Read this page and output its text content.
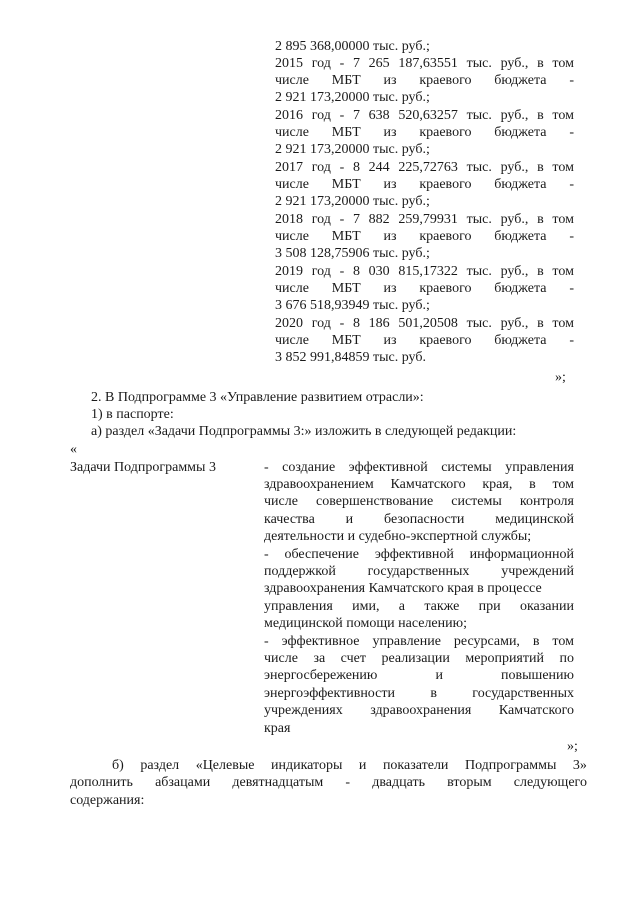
2 895 368,00000 тыс. руб.;
2015 год - 7 265 187,63551 тыс. руб., в том
числе МБТ из краевого бюджета -
2 921 173,20000 тыс. руб.;
2016 год - 7 638 520,63257 тыс. руб., в том
числе МБТ из краевого бюджета -
2 921 173,20000 тыс. руб.;
2017 год - 8 244 225,72763 тыс. руб., в том
числе МБТ из краевого бюджета -
2 921 173,20000 тыс. руб.;
2018 год - 7 882 259,79931 тыс. руб., в том
числе МБТ из краевого бюджета -
3 508 128,75906 тыс. руб.;
2019 год - 8 030 815,17322 тыс. руб., в том
числе МБТ из краевого бюджета -
3 676 518,93949 тыс. руб.;
2020 год - 8 186 501,20508 тыс. руб., в том
числе МБТ из краевого бюджета -
3 852 991,84859 тыс. руб.
»;
2. В Подпрограмме 3 «Управление развитием отрасли»:
1) в паспорте:
а) раздел «Задачи Подпрограммы 3:» изложить в следующей редакции:
«
Задачи Подпрограммы 3	- создание эффективной системы управления
здравоохранением Камчатского края, в том
числе совершенствование системы контроля
качества и безопасности медицинской
деятельности и судебно-экспертной службы;
- обеспечение эффективной информационной
поддержкой государственных учреждений
здравоохранения Камчатского края в процессе
управления ими, а также при оказании
медицинской помощи населению;
- эффективное управление ресурсами, в том
числе за счет реализации мероприятий по
энергосбережению	и	повышению
энергоэффективности	в	государственных
учреждениях здравоохранения Камчатского
края
»;
б) раздел «Целевые индикаторы и показатели Подпрограммы 3»
дополнить абзацами девятнадцатым - двадцать вторым следующего
содержания:
